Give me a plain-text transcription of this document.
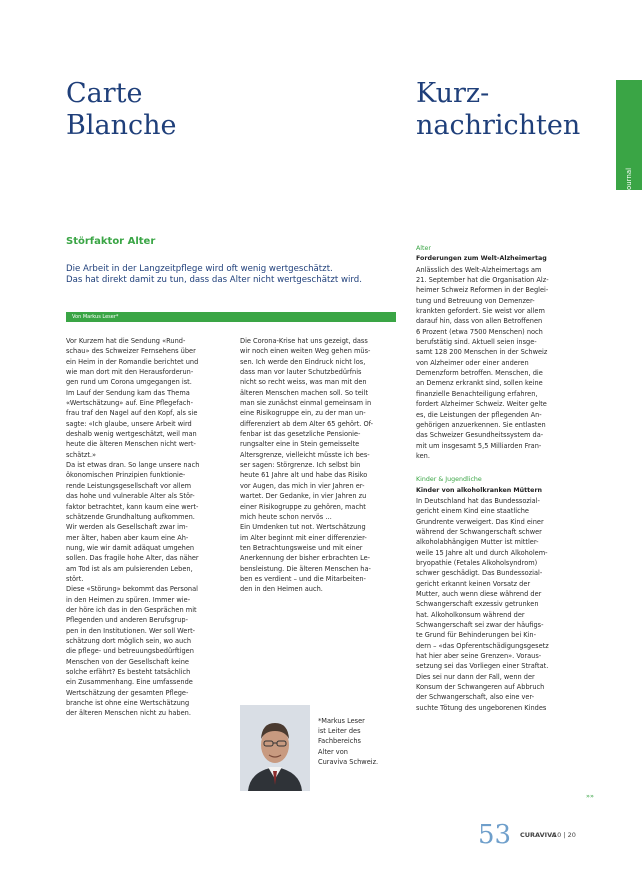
Carte
Blanche
Kurz-
nachrichten
Journal
Störfaktor Alter

Die Arbeit in der Langzeitpflege wird oft wenig wertgeschätzt.

Das hat direkt damit zu tun, dass das Alter nicht wertgeschätzt wird.

Von Markus Leser*

Vor Kurzem hat die Sendung «Rund-

schau» des Schweizer Fernsehens über

ein Heim in der Romandie berichtet und

wie man dort mit den Herausforderun-

gen rund um Corona umgegangen ist.

Im Lauf der Sendung kam das Thema

«Wertschätzung» auf. Eine Pflegefach-

frau traf den Nagel auf den Kopf, als sie

sagte: «Ich glaube, unsere Arbeit wird

deshalb wenig wertgeschätzt, weil man

heute die älteren Menschen nicht wert-

schätzt.»

Da ist etwas dran. So lange unsere nach

ökonomischen Prinzipien funktionie-

rende Leistungsgesellschaft vor allem

das hohe und vulnerable Alter als Stör-

faktor betrachtet, kann kaum eine wert-

schätzende Grundhaltung aufkommen.

Wir werden als Gesellschaft zwar im-

mer älter, haben aber kaum eine Ah-

nung, wie wir damit adäquat umgehen

sollen. Das fragile hohe Alter, das näher

am Tod ist als am pulsierenden Leben,

stört.

Diese «Störung» bekommt das Personal

in den Heimen zu spüren. Immer wie-

der höre ich das in den Gesprächen mit

Pflegenden und anderen Berufsgrup-

pen in den Institutionen. Wer soll Wert-

schätzung dort möglich sein, wo auch

die pflege- und betreuungsbedürftigen

Menschen von der Gesellschaft keine

solche erfährt? Es besteht tatsächlich

ein Zusammenhang. Eine umfassende

Wertschätzung der gesamten Pflege-

branche ist ohne eine Wertschätzung

der älteren Menschen nicht zu haben.

Die Corona-Krise hat uns gezeigt, dass

wir noch einen weiten Weg gehen müs-

sen. Ich werde den Eindruck nicht los,

dass man vor lauter Schutzbedürfnis

nicht so recht weiss, was man mit den

älteren Menschen machen soll. So teilt

man sie zunächst einmal gemeinsam in

eine Risikogruppe ein, zu der man un-

differenziert ab dem Alter 65 gehört. Of-

fenbar ist das gesetzliche Pensionie-

rungsalter eine in Stein gemeisselte

Altersgrenze, vielleicht müsste ich bes-

ser sagen: Störgrenze. Ich selbst bin

heute 61 Jahre alt und habe das Risiko

vor Augen, das mich in vier Jahren er-

wartet. Der Gedanke, in vier Jahren zu

einer Risikogruppe zu gehören, macht

mich heute schon nervös …

Ein Umdenken tut not. Wertschätzung

im Alter beginnt mit einer differenzier-

ten Betrachtungsweise und mit einer

Anerkennung der bisher erbrachten Le-

bensleistung. Die älteren Menschen ha-

ben es verdient – und die Mitarbeiten-

den in den Heimen auch.

*Markus Leser
ist Leiter des
Fachbereichs
Alter von
Curaviva Schweiz.
Alter
Forderungen zum Welt-Alzheimertag

Anlässlich des Welt-Alzheimertags am

21. September hat die Organisation Alz-

heimer Schweiz Reformen in der Beglei-

tung und Betreuung von Demenzer-

krankten gefordert. Sie weist vor allem

darauf hin, dass von allen Betroffenen

6 Prozent (etwa 7500 Menschen) noch

berufstätig sind. Aktuell seien insge-

samt 128 200 Menschen in der Schweiz

von Alzheimer oder einer anderen

Demenzform betroffen. Menschen, die

an Demenz erkrankt sind, sollen keine

finanzielle Benachteiligung erfahren,

fordert Alzheimer Schweiz. Weiter gelte

es, die Leistungen der pflegenden An-

gehörigen anzuerkennen. Sie entlasten

das Schweizer Gesundheitssystem da-

mit um insgesamt 5,5 Milliarden Fran-

ken.

Kinder & Jugendliche
Kinder von alkoholkranken Müttern

In Deutschland hat das Bundessozial-

gericht einem Kind eine staatliche

Grundrente verweigert. Das Kind einer

während der Schwangerschaft schwer

alkoholabhängigen Mutter ist mittler-

weile 15 Jahre alt und durch Alkoholem-

bryopathie (Fetales Alkoholsyndrom)

schwer geschädigt. Das Bundessozial-

gericht erkannt keinen Vorsatz der

Mutter, auch wenn diese während der

Schwangerschaft exzessiv getrunken

hat. Alkoholkonsum während der

Schwangerschaft sei zwar der häufigs-

te Grund für Behinderungen bei Kin-

dern – «das Opferentschädigungsgesetz

hat hier aber seine Grenzen». Voraus-

setzung sei das Vorliegen einer Straftat.

Dies sei nur dann der Fall, wenn der

Konsum der Schwangeren auf Abbruch

der Schwangerschaft, also eine ver-

suchte Tötung des ungeborenen Kindes

»»
53 CURAVIVA
10 | 20
